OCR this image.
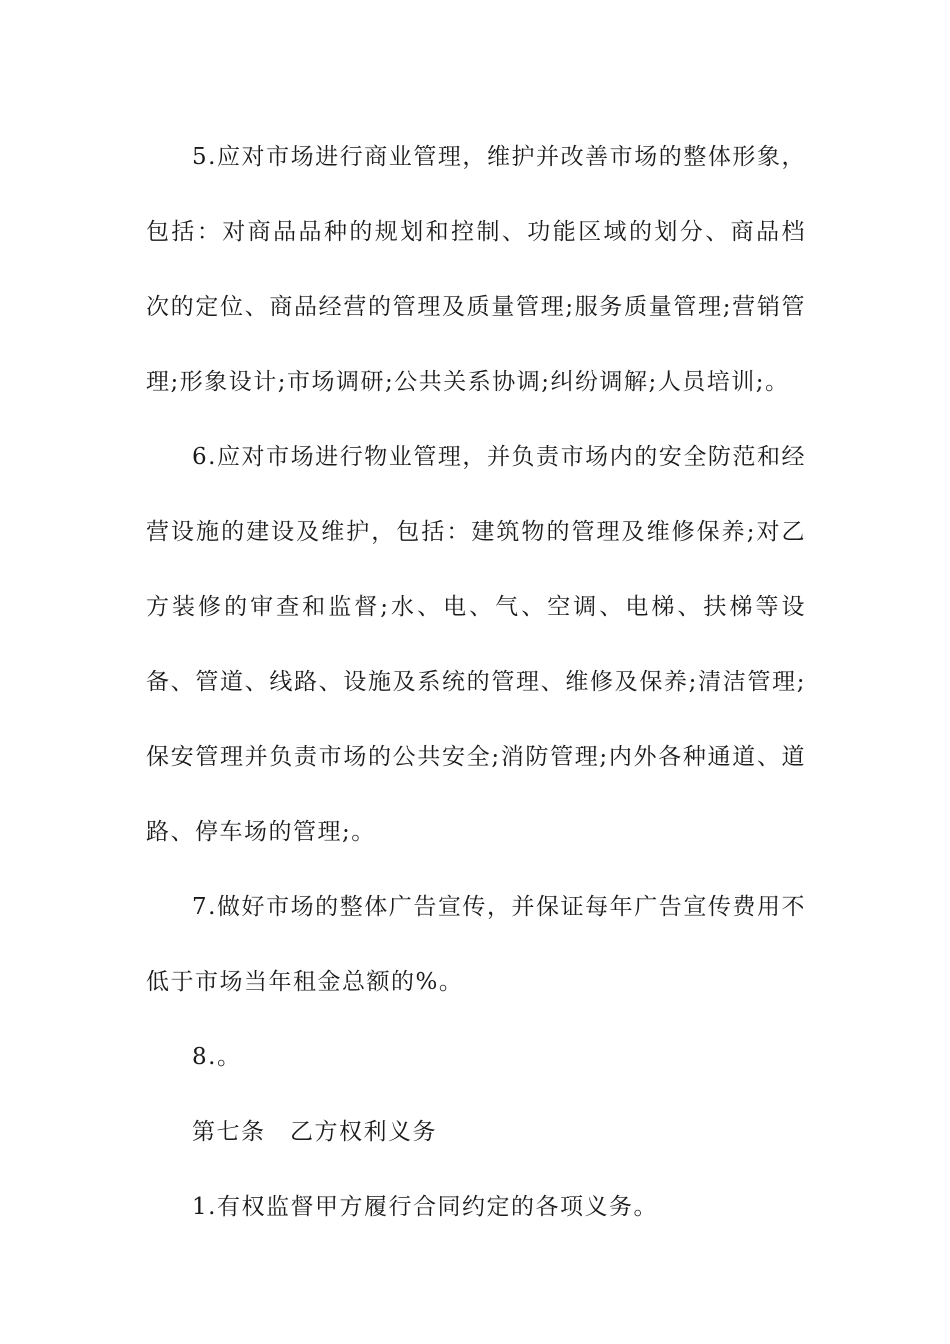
5.应对市场进行商业管理，维护并改善市场的整体形象，包括：对商品品种的规划和控制、功能区域的划分、商品档次的定位、商品经营的管理及质量管理;服务质量管理;营销管理;形象设计;市场调研;公共关系协调;纠纷调解;人员培训;。

6.应对市场进行物业管理，并负责市场内的安全防范和经营设施的建设及维护，包括：建筑物的管理及维修保养;对乙方装修的审查和监督;水、电、气、空调、电梯、扶梯等设备、管道、线路、设施及系统的管理、维修及保养;清洁管理;保安管理并负责市场的公共安全;消防管理;内外各种通道、道路、停车场的管理;。

7.做好市场的整体广告宣传，并保证每年广告宣传费用不低于市场当年租金总额的%。

8.。

第七条　乙方权利义务

1.有权监督甲方履行合同约定的各项义务。
